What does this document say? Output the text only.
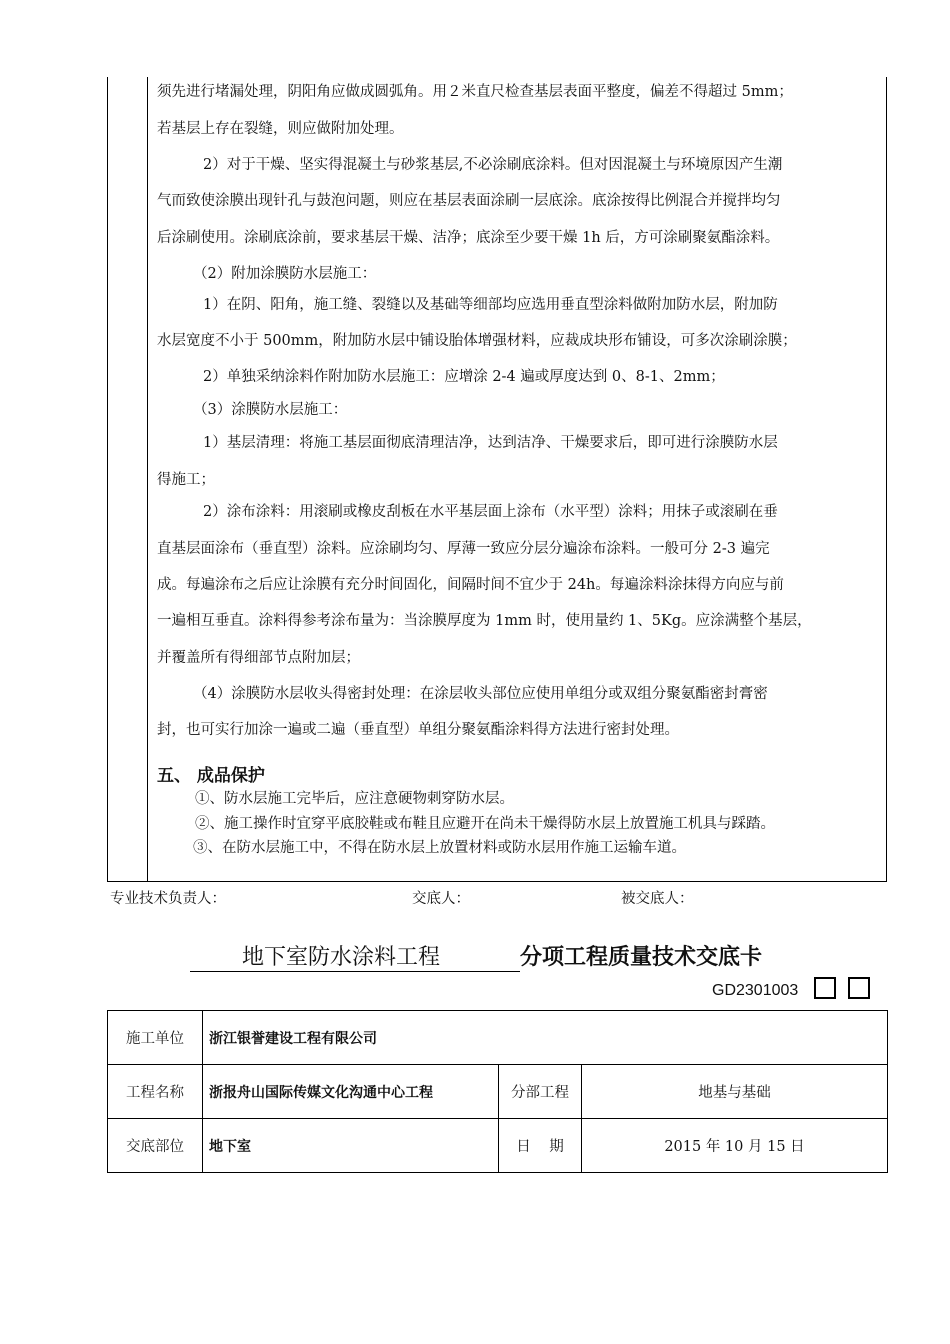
须先进行堵漏处理，阴阳角应做成圆弧角。用２米直尺检查基层表面平整度，偏差不得超过 5mm；
若基层上存在裂缝，则应做附加处理。
2）对于干燥、坚实得混凝土与砂浆基层,不必涂刷底涂料。但对因混凝土与环境原因产生潮
气而致使涂膜出现针孔与鼓泡问题，则应在基层表面涂刷一层底涂。底涂按得比例混合并搅拌均匀
后涂刷使用。涂刷底涂前，要求基层干燥、洁净；底涂至少要干燥 1h 后，方可涂刷聚氨酯涂料。
（2）附加涂膜防水层施工：
1）在阴、阳角，施工缝、裂缝以及基础等细部均应选用垂直型涂料做附加防水层，附加防
水层宽度不小于 500mm，附加防水层中铺设胎体增强材料，应裁成块形布铺设，可多次涂刷涂膜；
2）单独采纳涂料作附加防水层施工：应增涂 2-4 遍或厚度达到 0、8-1、2mm；
（3）涂膜防水层施工：
1）基层清理：将施工基层面彻底清理洁净，达到洁净、干燥要求后，即可进行涂膜防水层
得施工；
2）涂布涂料：用滚刷或橡皮刮板在水平基层面上涂布（水平型）涂料；用抹子或滚刷在垂
直基层面涂布（垂直型）涂料。应涂刷均匀、厚薄一致应分层分遍涂布涂料。一般可分 2-3 遍完
成。每遍涂布之后应让涂膜有充分时间固化，间隔时间不宜少于 24h。每遍涂料涂抹得方向应与前
一遍相互垂直。涂料得参考涂布量为：当涂膜厚度为 1mm 时，使用量约 1、5Kg。应涂满整个基层，
并覆盖所有得细部节点附加层；
（4）涂膜防水层收头得密封处理：在涂层收头部位应使用单组分或双组分聚氨酯密封膏密
封，也可实行加涂一遍或二遍（垂直型）单组分聚氨酯涂料得方法进行密封处理。
五、 成品保护
①、防水层施工完毕后，应注意硬物刺穿防水层。
②、施工操作时宜穿平底胶鞋或布鞋且应避开在尚未干燥得防水层上放置施工机具与踩踏。
③、在防水层施工中，不得在防水层上放置材料或防水层用作施工运输车道。
专业技术负责人：	交底人：	被交底人：
地下室防水涂料工程	分项工程质量技术交底卡
GD2301003
施工单位	浙江银誉建设工程有限公司		
工程名称	浙报舟山国际传媒文化沟通中心工程	分部工程	地基与基础
交底部位	地下室	日    期	2015 年 10 月 15 日
